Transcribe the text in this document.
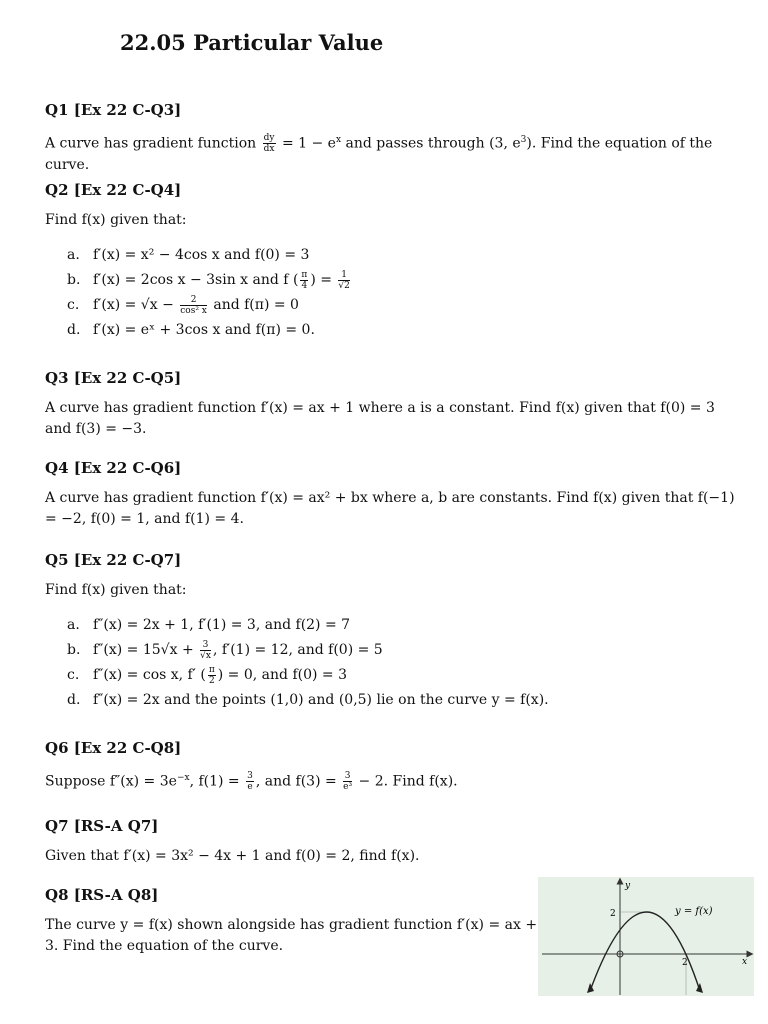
22.05 Particular Value

Q1 [Ex 22 C-Q3]

A curve has gradient function $\frac{dy}{dx} = 1 - e^x$ and passes through (3, $e^3$). Find the equation of the curve.

Q2 [Ex 22 C-Q4]

Find f(x) given that:

a. f′(x) = x² − 4cos x and f(0) = 3
b. f′(x) = 2cos x − 3sin x and f ( $\frac{\pi}{4}$ ) = $\frac{1}{√2}$
c. $f'(x) = √x - \frac{2}{\text{cos² x}}$ and f(π) = 0
d. f′(x) = eˣ + 3cos x and f(π) = 0.

Q3 [Ex 22 C-Q5]

A curve has gradient function f′(x) = ax + 1 where a is a constant. Find f(x) given that f(0) = 3 and f(3) = −3.

Q4 [Ex 22 C-Q6]

A curve has gradient function f′(x) = ax² + bx where a, b are constants. Find f(x) given that f(−1) = −2, f(0) = 1, and f(1) = 4.

Q5 [Ex 22 C-Q7]

Find f(x) given that:

a. f″(x) = 2x + 1, f′(1) = 3, and f(2) = 7
b. $f''(x) = 15√x + \frac{3}{√x}$ , f′(1) = 12, and f(0) = 5
c. f″(x) = cos x, f′ ( $\frac{\pi}{2}$ ) = 0, and f(0) = 3
d. f″(x) = 2x and the points (1,0) and (0,5) lie on the curve y = f(x).

Q6 [Ex 22 C-Q8]

Suppose $f''(x) = 3e^{-x}$, $f(1) = \frac{3}{e}$ , and $f(3) = \frac{3}{\text{e³}} - 2$. Find f(x).

Q7 [RS-A Q7]

Given that f′(x) = 3x² − 4x + 1 and f(0) = 2, find f(x).

Q8 [RS-A Q8]

The curve y = f(x) shown alongside has gradient function f′(x) = ax + 3. Find the equation of the curve.

y
x
y = f(x)
2
2
